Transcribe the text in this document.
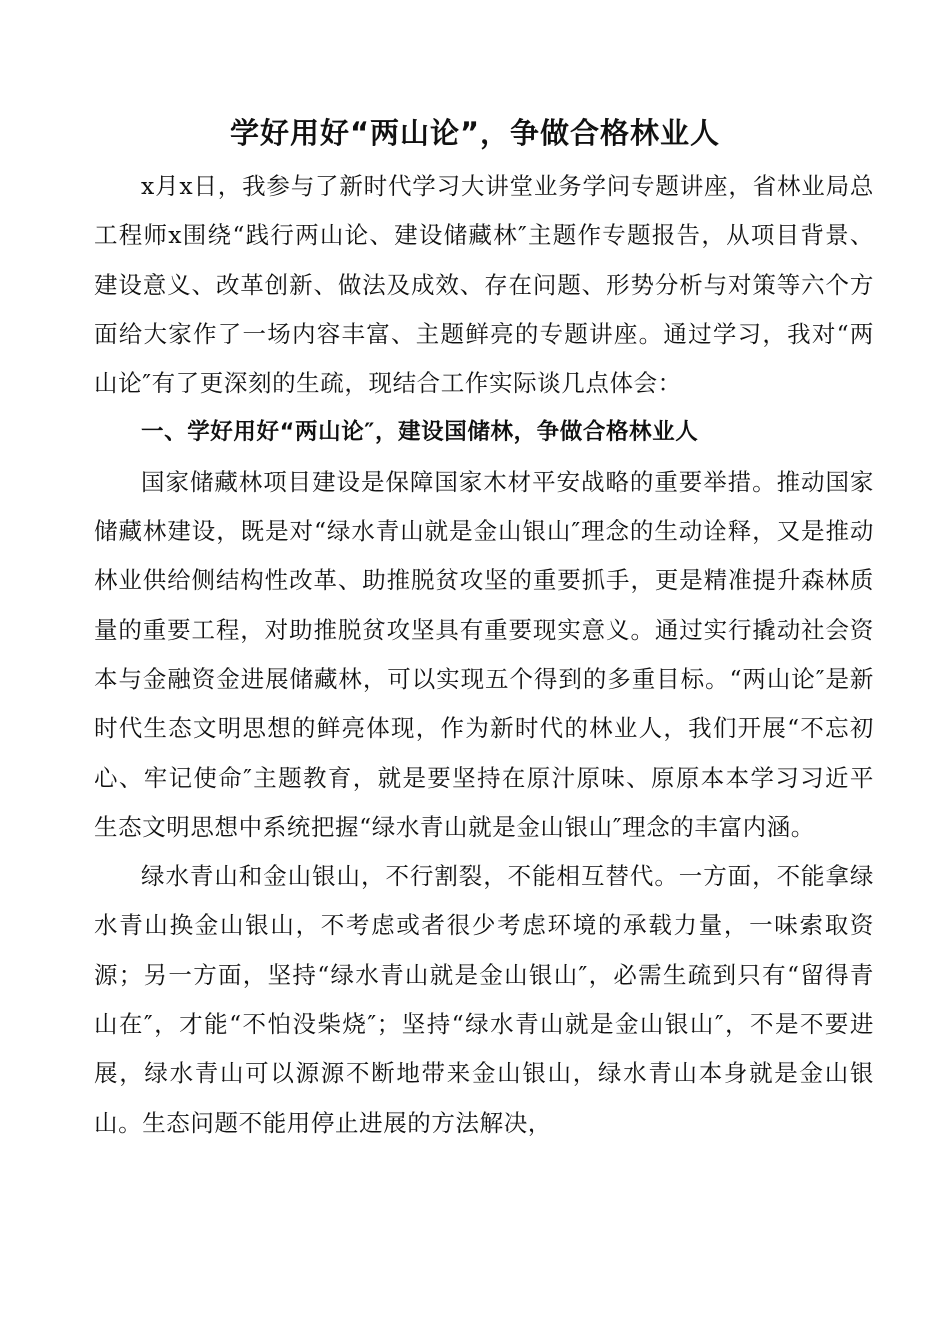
学好用好“两山论”，争做合格林业人

x月x日，我参与了新时代学习大讲堂业务学问专题讲座，省林业局总工程师x围绕“践行两山论、建设储藏林″主题作专题报告，从项目背景、建设意义、改革创新、做法及成效、存在问题、形势分析与对策等六个方面给大家作了一场内容丰富、主题鲜亮的专题讲座。通过学习，我对“两山论″有了更深刻的生疏，现结合工作实际谈几点体会：

一、学好用好“两山论″，建设国储林，争做合格林业人

国家储藏林项目建设是保障国家木材平安战略的重要举措。推动国家储藏林建设，既是对“绿水青山就是金山银山″理念的生动诠释，又是推动林业供给侧结构性改革、助推脱贫攻坚的重要抓手，更是精准提升森林质量的重要工程，对助推脱贫攻坚具有重要现实意义。通过实行撬动社会资本与金融资金进展储藏林，可以实现五个得到的多重目标。“两山论″是新时代生态文明思想的鲜亮体现，作为新时代的林业人，我们开展“不忘初心、牢记使命″主题教育，就是要坚持在原汁原味、原原本本学习习近平生态文明思想中系统把握“绿水青山就是金山银山″理念的丰富内涵。

绿水青山和金山银山，不行割裂，不能相互替代。一方面，不能拿绿水青山换金山银山，不考虑或者很少考虑环境的承载力量，一味索取资源；另一方面，坚持“绿水青山就是金山银山″，必需生疏到只有“留得青山在″，才能“不怕没柴烧″；坚持“绿水青山就是金山银山″，不是不要进展，绿水青山可以源源不断地带来金山银山，绿水青山本身就是金山银山。生态问题不能用停止进展的方法解决，
